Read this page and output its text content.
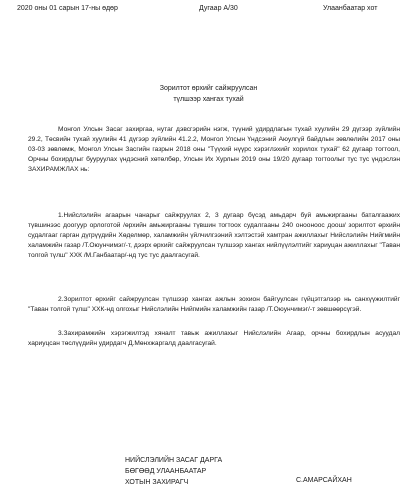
2020 оны 01 сарын 17-ны өдөр	Дугаар А/30	Улаанбаатар хот
Зорилтот өрхийг сайжруулсан
түлшээр хангах тухай
Монгол Улсын Засаг захиргаа, нутаг дэвсгэрийн нэгж, түүний удирдлагын тухай хуулийн 29 дүгээр зүйлийн 29.2, Төсвийн тухай хуулийн 41 дүгээр зүйлийн 41.2.2, Монгол Улсын Үндсэний Аюулгүй байдлын зөвлөлийн 2017 оны 03-03 зөвлөмж, Монгол Улсын Засгийн газрын 2018 оны "Түүхий нүүрс хэрэглэхийг хорилох тухай" 62 дугаар тогтоол, Орчны бохирдлыг бууруулах үндэсний хөтөлбөр, Улсын Их Хурлын 2019 оны 19/20 дугаар тогтоолыг тус тус үндэслэн ЗАХИРАМЖЛАХ нь:
1.Нийслэлийн агаарын чанарыг сайжруулах 2, 3 дугаар бүсэд амьдарч буй амьжиргааны баталгаажих түвшинээс доогуур орлоготой /өрхийн амьжиргааны түвшин тогтоох судалгааны 240 оноонoос доош/ зорилтот өрхийн судалгааг гарган дүгрүүдийн Хөделмөр, халамжийн үйлчилгээний хэлтэстэй хамтран ажиллахыг Нийслэлийн Нийгмийн халамжийн газар /Т.Оюунчимэг/-т, дээрх өрхийг сайжруулсан түлшээр хангах нийлүүлэлтийг хариуцан ажиллахыг "Таван толгой түлш" ХХК /М.Ганбаатар/-нд тус тус даалгасугай.
2.Зорилтот өрхийг сайжруулсан түлшээр хангах ажлын зохион байгуулсан гүйцэтгэлээр нь санхүүжилтийг "Таван толгой түлш" ХХК-нд олгохыг Нийслэлийн Нийгмийн халамжийн газар /Т.Оюунчимэг/-т зөвшөөрсүгэй.
3.Захирамжийн хэрэгжилтэд хяналт тавьж ажиллахыг Нийслэлийн Агаар, орчны бохирдлын асуудал хариуцсан төслүүдийн удирдагч Д.Мөнхжаргалд даалгасугай.
НИЙСЛЭЛИЙН ЗАСАГ ДАРГА
БӨГӨӨД УЛААНБААТАР
ХОТЫН ЗАХИРАГЧ	С.АМАРСАЙХАН
